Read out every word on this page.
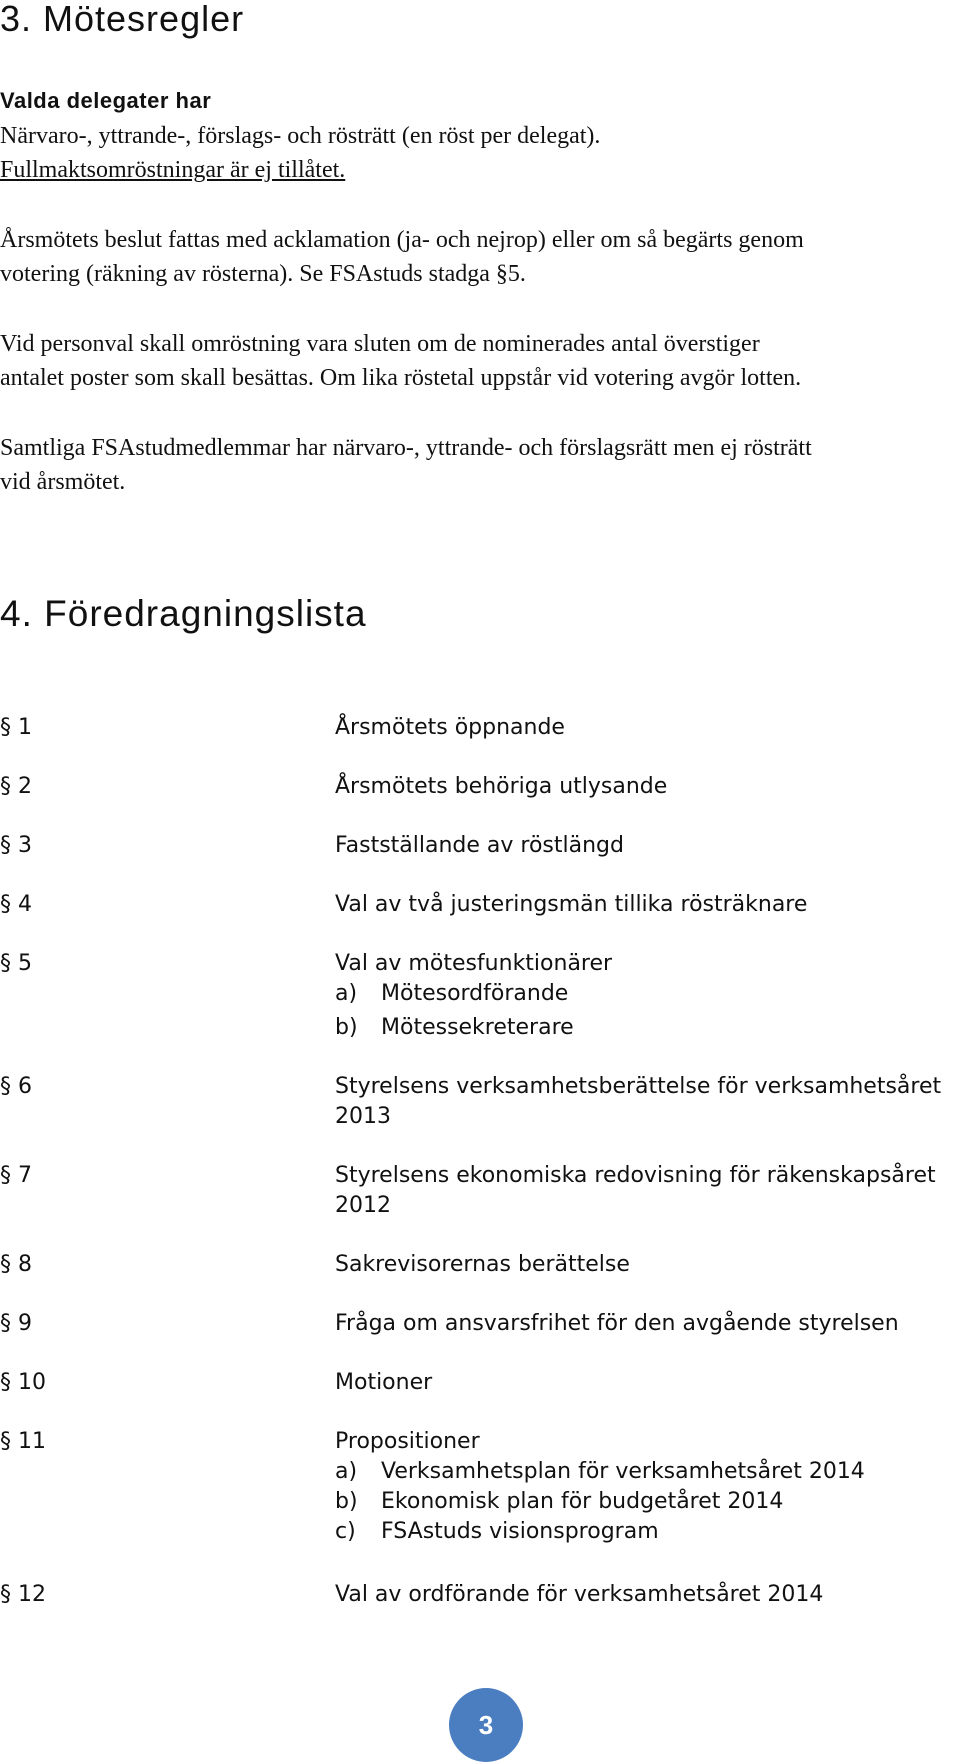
3. Mötesregler
Valda delegater har
Närvaro-, yttrande-, förslags- och rösträtt (en röst per delegat).
Fullmaktsomröstningar är ej tillåtet.
Årsmötets beslut fattas med acklamation (ja- och nejrop) eller om så begärts genom
votering (räkning av rösterna). Se FSAstuds stadga §5.
Vid personval skall omröstning vara sluten om de nominerades antal överstiger
antalet poster som skall besättas. Om lika röstetal uppstår vid votering avgör lotten.
Samtliga FSAstudmedlemmar har närvaro-, yttrande- och förslagsrätt men ej rösträtt
vid årsmötet.
4. Föredragningslista
§ 1	Årsmötets öppnande
§ 2	Årsmötets behöriga utlysande
§ 3	Fastställande av röstlängd
§ 4	Val av två justeringsmän tillika rösträknare
§ 5	Val av mötesfunktionärer
a) Mötesordförande
b) Mötessekreterare
§ 6	Styrelsens verksamhetsberättelse för verksamhetsåret
2013
§ 7	Styrelsens ekonomiska redovisning för räkenskapsåret
2012
§ 8	Sakrevisorernas berättelse
§ 9	Fråga om ansvarsfrihet för den avgående styrelsen
§ 10	Motioner
§ 11	Propositioner
a) Verksamhetsplan för verksamhetsåret 2014
b) Ekonomisk plan för budgetåret 2014
c) FSAstuds visionsprogram
§ 12	Val av ordförande för verksamhetsåret 2014
3
